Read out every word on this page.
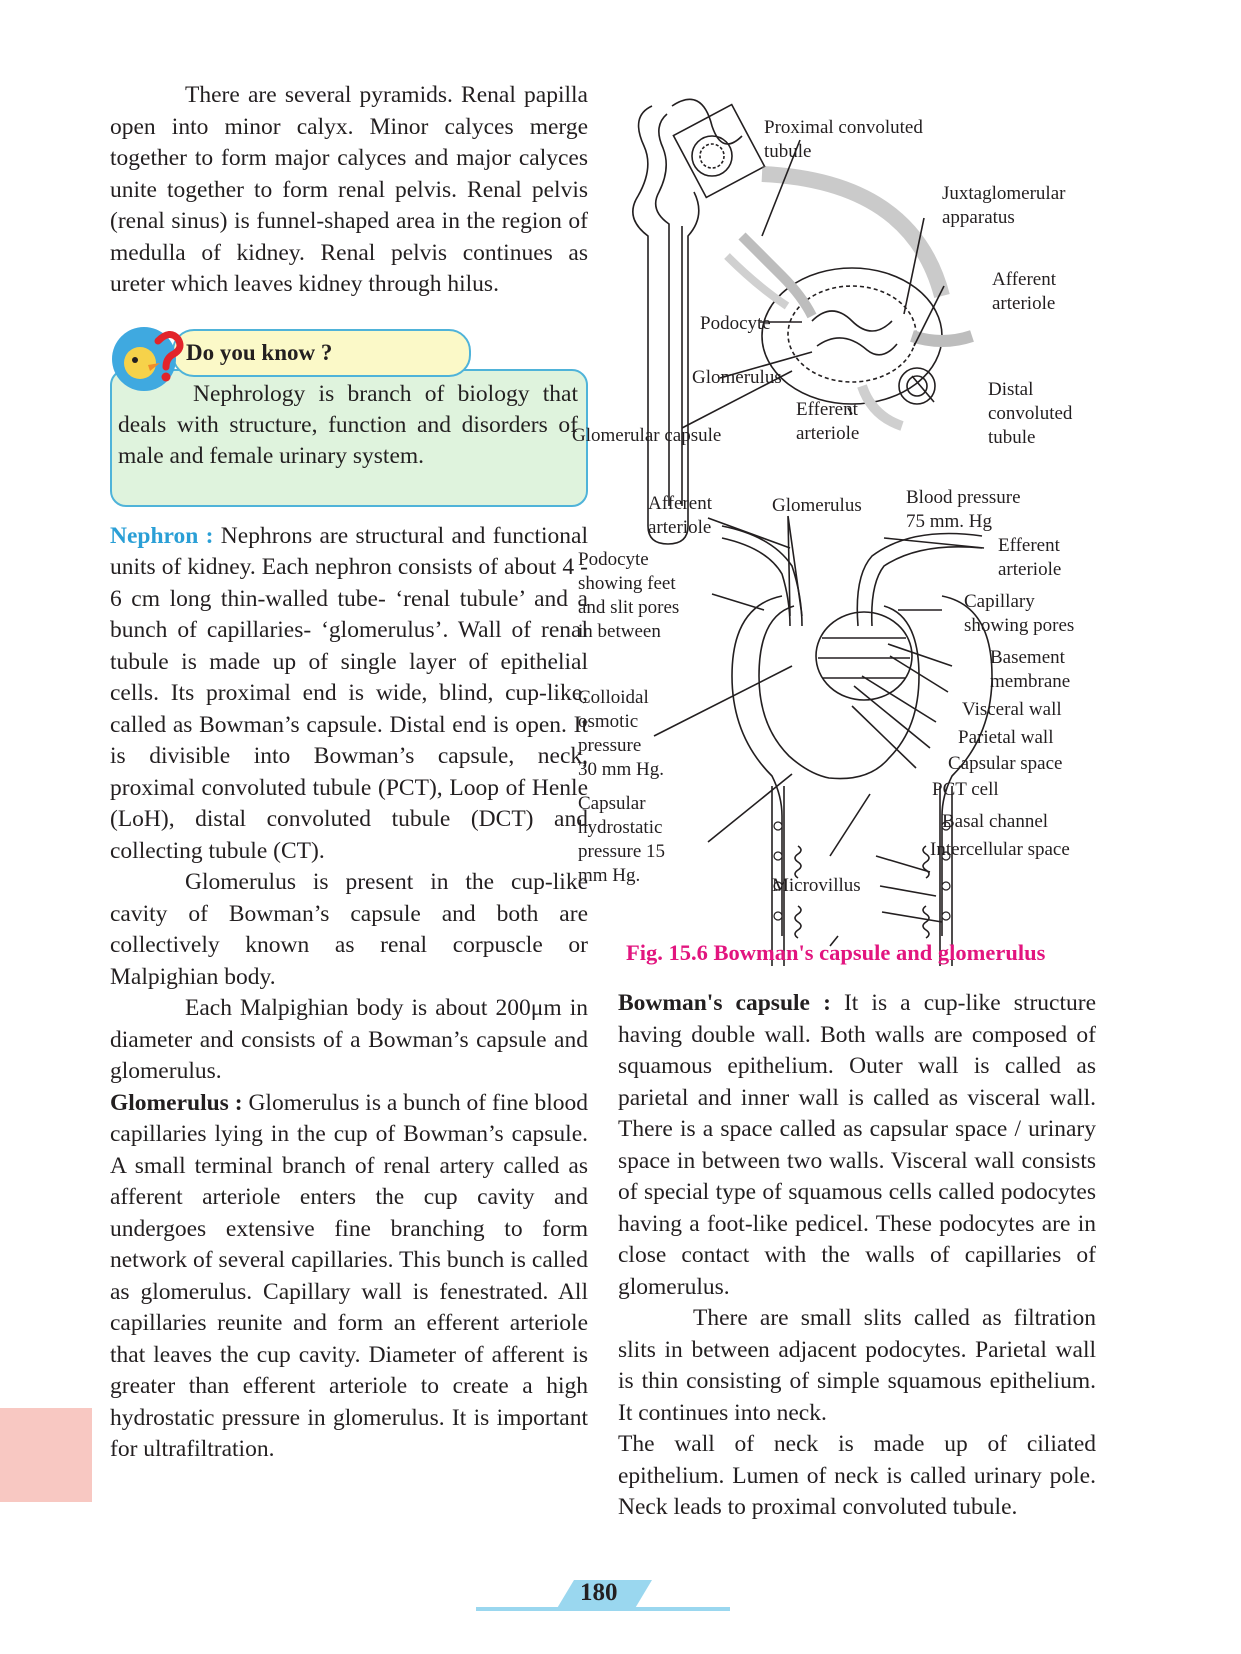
There are several pyramids. Renal papilla open into minor calyx. Minor calyces merge together to form major calyces and major calyces unite together to form renal pelvis. Renal pelvis (renal sinus) is funnel-shaped area in the region of medulla of kidney. Renal pelvis continues as ureter which leaves kidney through hilus.

Do you know ?

Nephrology is branch of biology that deals with structure, function and disorders of male and female urinary system.

Nephron : Nephrons are structural and functional units of kidney. Each nephron consists of about 4 - 6 cm long thin-walled tube- ‘renal tubule’ and a bunch of capillaries- ‘glomerulus’. Wall of renal tubule is made up of single layer of epithelial cells. Its proximal end is wide, blind, cup-like, called as Bowman’s capsule. Distal end is open. It is divisible into Bowman’s capsule, neck, proximal convoluted tubule (PCT), Loop of Henle (LoH), distal convoluted tubule (DCT) and collecting tubule (CT).

Glomerulus is present in the cup-like cavity of Bowman’s capsule and both are collectively known as renal corpuscle or Malpighian body.

Each Malpighian body is about 200μm in diameter and consists of a Bowman’s capsule and glomerulus.

Glomerulus : Glomerulus is a bunch of fine blood capillaries lying in the cup of Bowman’s capsule. A small terminal branch of renal artery called as afferent arteriole enters the cup cavity and undergoes extensive fine branching to form network of several capillaries. This bunch is called as glomerulus. Capillary wall is fenestrated. All capillaries reunite and form an efferent arteriole that leaves the cup cavity. Diameter of afferent is greater than efferent arteriole to create a high hydrostatic pressure in glomerulus. It is important for ultrafiltration.

Proximal convoluted
tubule
Juxtaglomerular
apparatus
Afferent
arteriole
Podocyte
Glomerulus
Efferent
arteriole
Glomerular capsule
Distal
convoluted
tubule
Afferent
arteriole
Glomerulus Blood pressure
75 mm. Hg
Efferent
arteriole
Podocyte
showing feet
and slit pores
in between
Capillary
showing pores
Basement
membrane
Colloidal
osmotic
pressure
30 mm Hg.
Visceral wall
Parietal wall
Capsular space
PCT cell
Capsular
hydrostatic
pressure 15
mm Hg.
Basal channel
Intercellular space
Microvillus
Fig. 15.6 Bowman's capsule and glomerulus

Bowman's capsule : It is a cup-like structure having double wall. Both walls are composed of squamous epithelium. Outer wall is called as parietal and inner wall is called as visceral wall. There is a space called as capsular space / urinary space in between two walls. Visceral wall consists of special type of squamous cells called podocytes having a foot-like pedicel. These podocytes are in close contact with the walls of capillaries of glomerulus.

There are small slits called as filtration slits in between adjacent podocytes. Parietal wall is thin consisting of simple squamous epithelium. It continues into neck.

The wall of neck is made up of ciliated epithelium. Lumen of neck is called urinary pole. Neck leads to proximal convoluted tubule.

180
